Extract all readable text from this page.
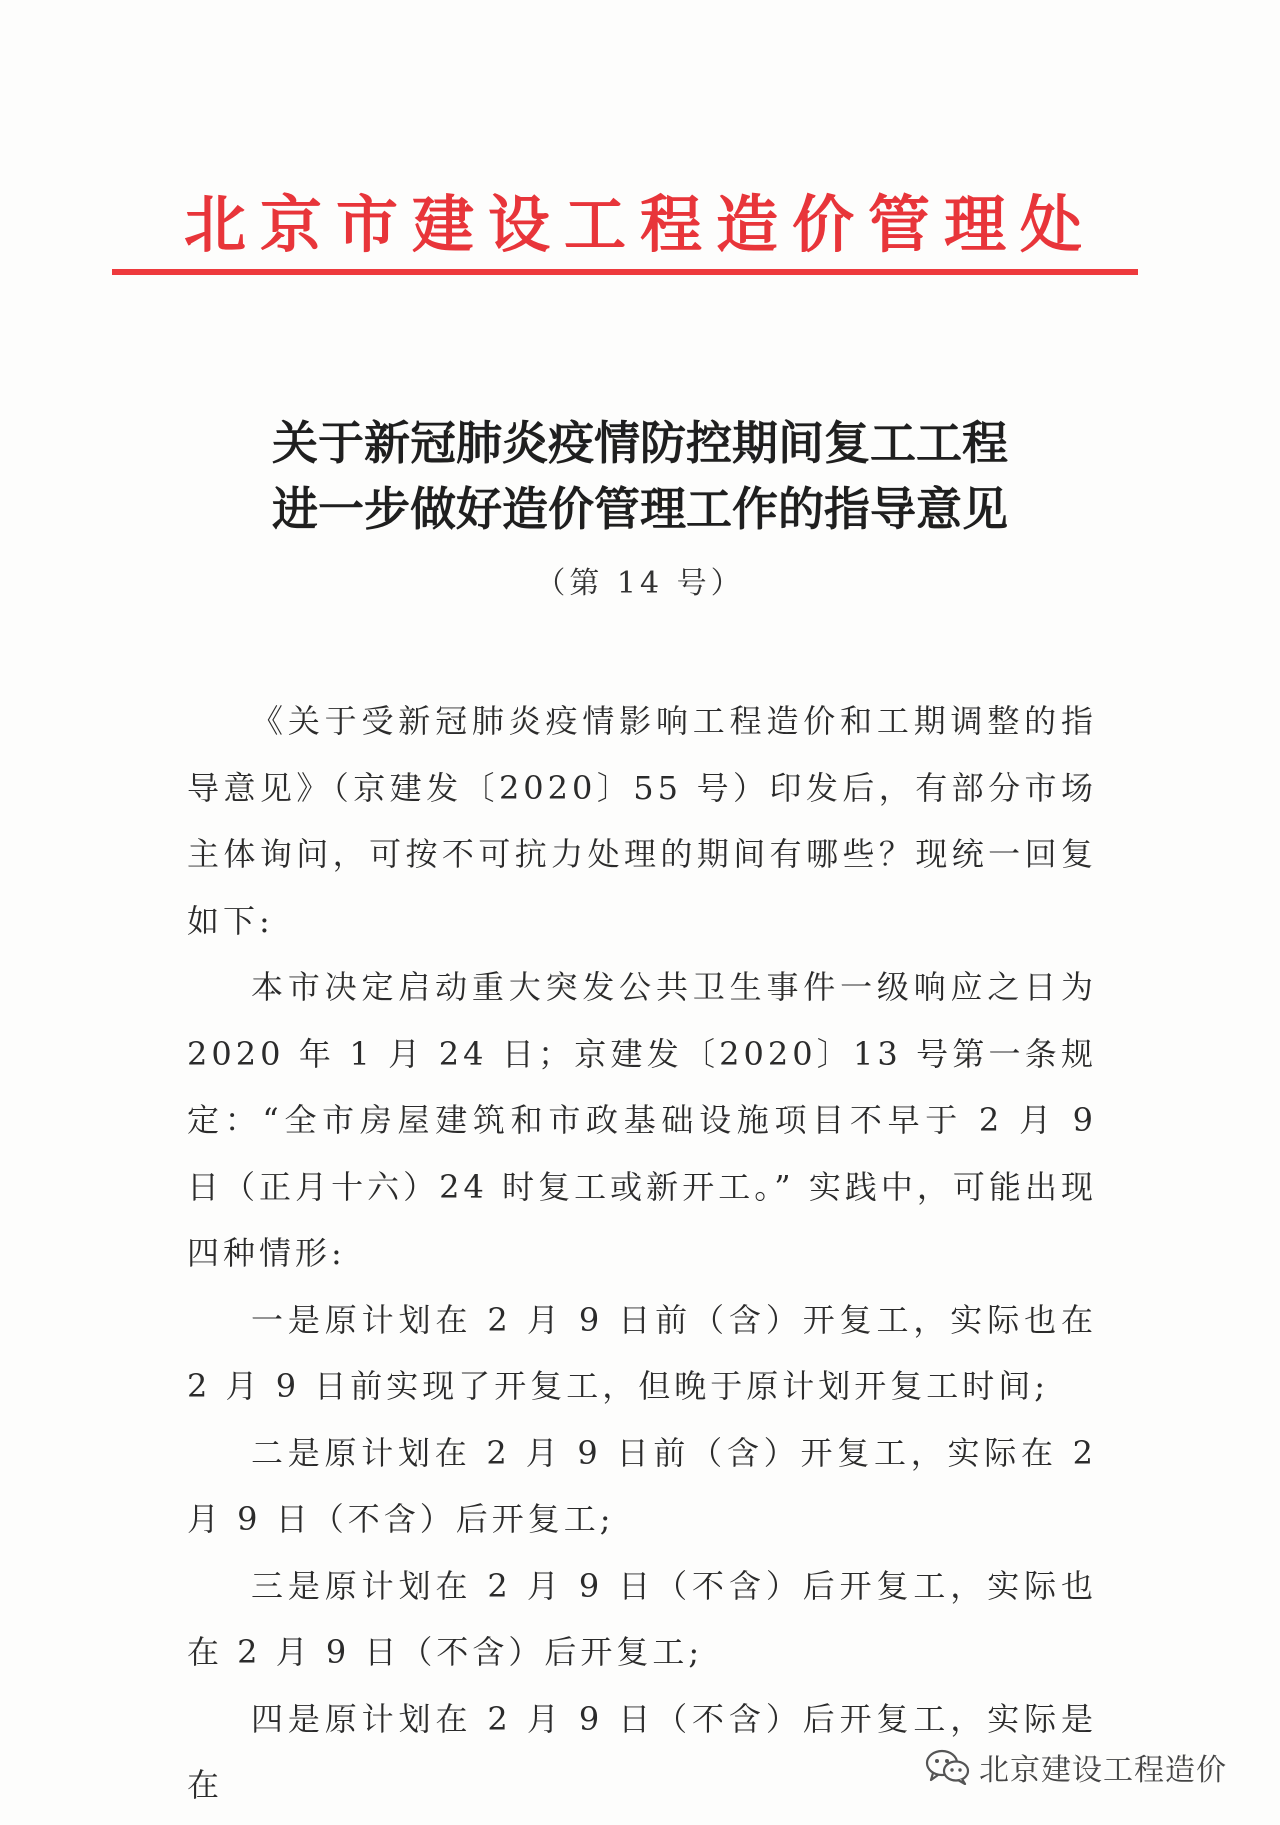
北京市建设工程造价管理处
关于新冠肺炎疫情防控期间复工工程
进一步做好造价管理工作的指导意见
（第 14 号）

《关于受新冠肺炎疫情影响工程造价和工期调整的指导意见》（京建发〔2020〕55 号）印发后，有部分市场主体询问，可按不可抗力处理的期间有哪些？现统一回复如下:

本市决定启动重大突发公共卫生事件一级响应之日为 2020 年 1 月 24 日；京建发〔2020〕13 号第一条规定：“全市房屋建筑和市政基础设施项目不早于 2 月 9 日（正月十六）24 时复工或新开工。” 实践中，可能出现四种情形:

一是原计划在 2 月 9 日前（含）开复工，实际也在 2 月 9 日前实现了开复工，但晚于原计划开复工时间;

二是原计划在 2 月 9 日前（含）开复工，实际在 2 月 9 日（不含）后开复工;

三是原计划在 2 月 9 日（不含）后开复工，实际也在 2 月 9 日（不含）后开复工;

四是原计划在 2 月 9 日（不含）后开复工，实际是在	北京建设工程造价
